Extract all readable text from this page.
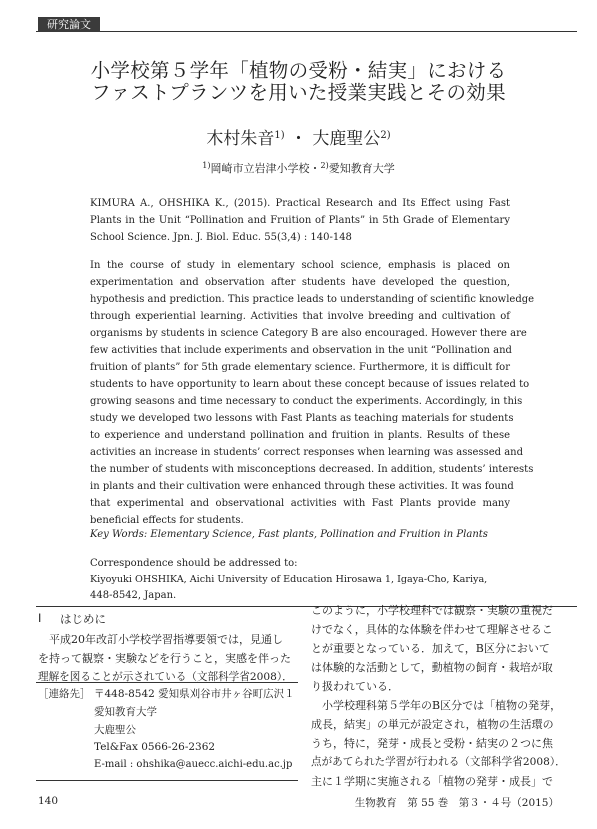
研究論文
小学校第５学年「植物の受粉・結実」における
ファストプランツを用いた授業実践とその効果
木村朱音$^{1)}$ ・ 大鹿聖公$^{2)}$
$^{1)}$岡崎市立岩津小学校・$^{2)}$愛知教育大学
KIMURA A., OHSHIKA K., (2015). Practical Research and Its Effect using Fast
Plants in the Unit “Pollination and Fruition of Plants” in 5th Grade of Elementary
School Science. Jpn. J. Biol. Educ. 55(3,4) : 140-148
In the course of study in elementary school science, emphasis is placed on
experimentation and observation after students have developed the question,
hypothesis and prediction. This practice leads to understanding of scientific knowledge
through experiential learning. Activities that involve breeding and cultivation of
organisms by students in science Category B are also encouraged. However there are
few activities that include experiments and observation in the unit “Pollination and
fruition of plants” for 5th grade elementary science. Furthermore, it is difficult for
students to have opportunity to learn about these concept because of issues related to
growing seasons and time necessary to conduct the experiments. Accordingly, in this
study we developed two lessons with Fast Plants as teaching materials for students
to experience and understand pollination and fruition in plants. Results of these
activities an increase in students’ correct responses when learning was assessed and
the number of students with misconceptions decreased. In addition, students’ interests
in plants and their cultivation were enhanced through these activities. It was found
that experimental and observational activities with Fast Plants provide many
beneficial effects for students.
Key Words: Elementary Science, Fast plants, Pollination and Fruition in Plants
Correspondence should be addressed to:
Kiyoyuki OHSHIKA, Aichi University of Education Hirosawa 1, Igaya-Cho, Kariya,
448-8542, Japan.
Ⅰ はじめに
　平成20年改訂小学校学習指導要領では，見通し
を持って観察・実験などを行うこと，実感を伴った
理解を図ることが示されている（文部科学省2008）．
このように，小学校理科では観察・実験の重視だ
けでなく，具体的な体験を伴わせて理解させるこ
とが重要となっている．加えて，B区分において
は体験的な活動として，動植物の飼育・栽培が取
り扱われている．
　小学校理科第５学年のB区分では「植物の発芽，
成長，結実」の単元が設定され，植物の生活環の
うち，特に，発芽・成長と受粉・結実の２つに焦
点があてられた学習が行われる（文部科学省2008）．
主に１学期に実施される「植物の発芽・成長」で
［連絡先］ 〒448-8542 愛知県刈谷市井ヶ谷町広沢１
愛知教育大学
大鹿聖公
Tel&Fax 0566-26-2362
E-mail : ohshika@auecc.aichi-edu.ac.jp
140	生物教育　第 55 巻　第３・４号（2015）
